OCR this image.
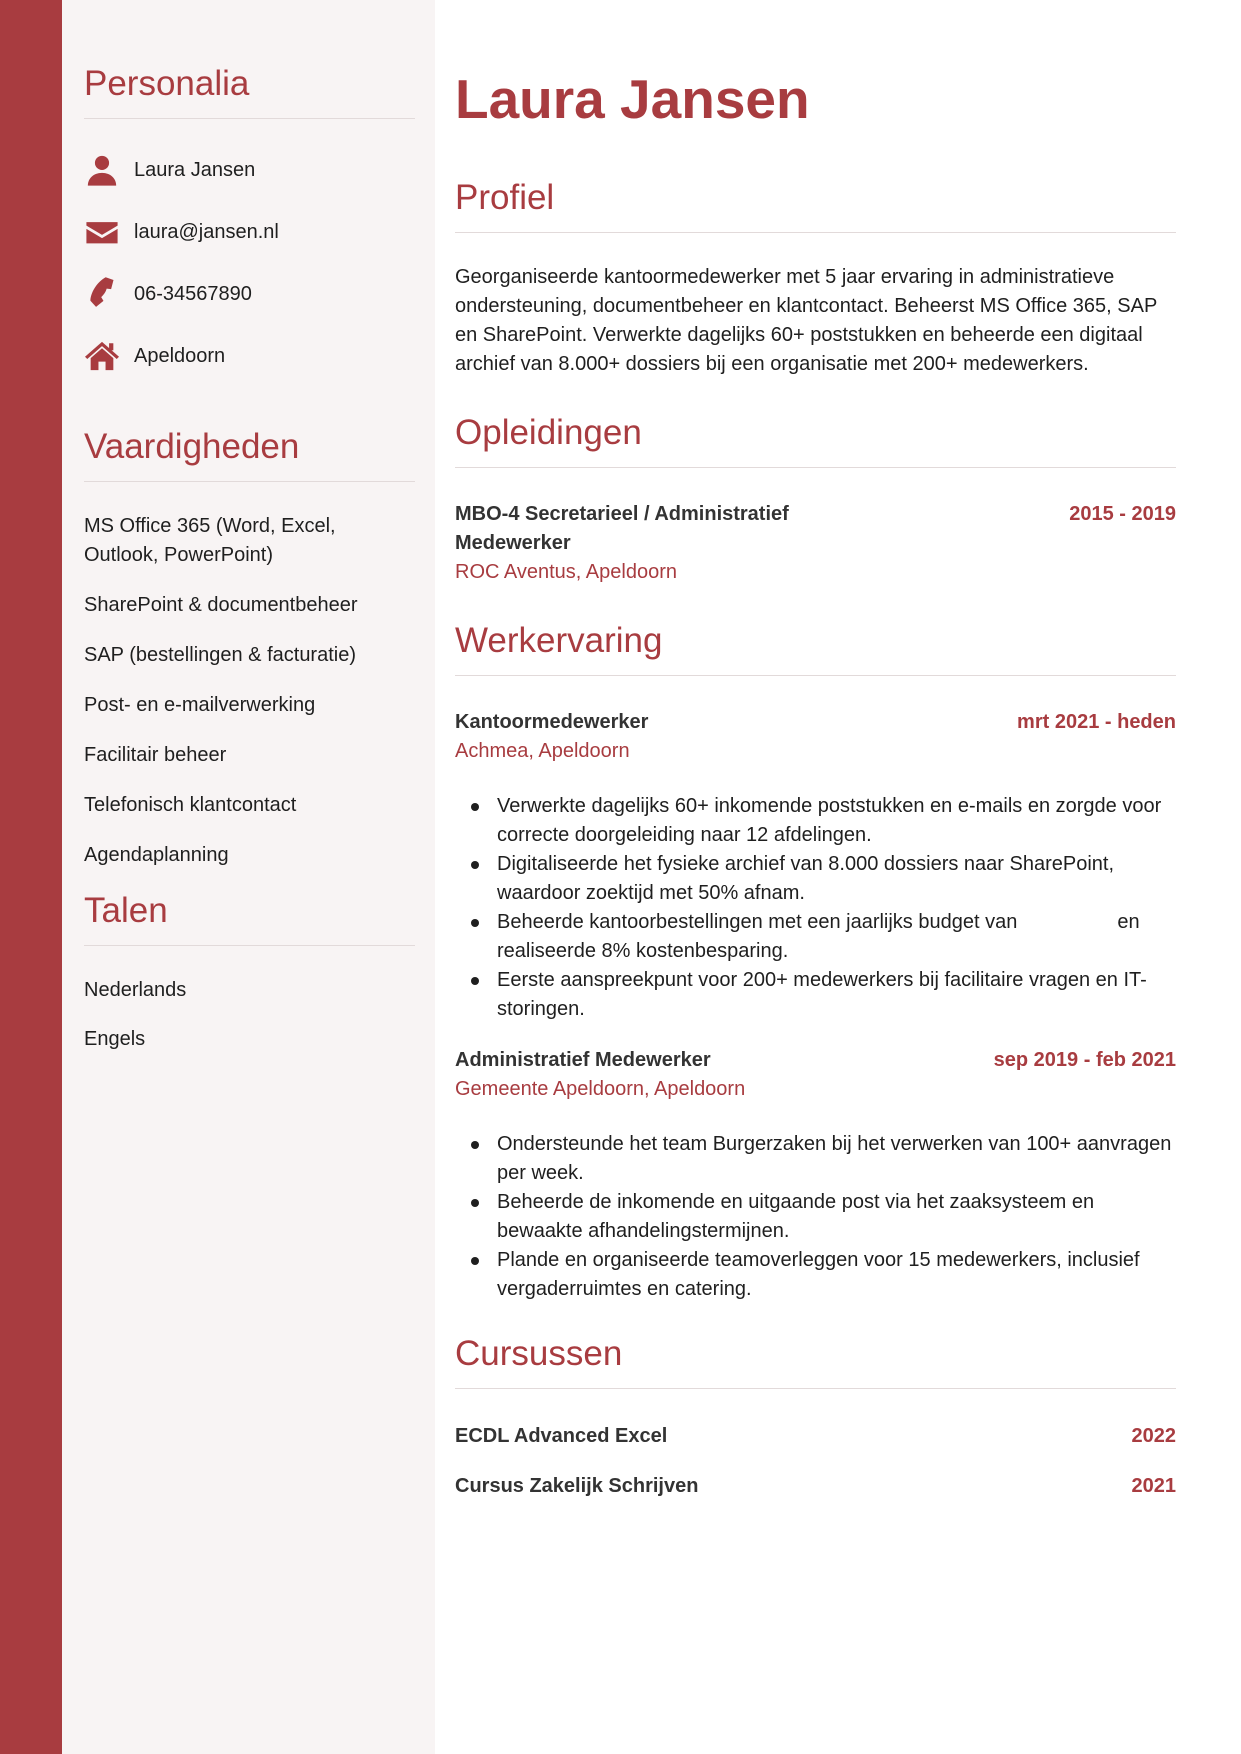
Personalia
Laura Jansen
laura@jansen.nl
06-34567890
Apeldoorn
Vaardigheden
MS Office 365 (Word, Excel, Outlook, PowerPoint)
SharePoint & documentbeheer
SAP (bestellingen & facturatie)
Post- en e-mailverwerking
Facilitair beheer
Telefonisch klantcontact
Agendaplanning
Talen
Nederlands
Engels
Laura Jansen
Profiel

Georganiseerde kantoormedewerker met 5 jaar ervaring in administratieve ondersteuning, documentbeheer en klantcontact. Beheerst MS Office 365, SAP en SharePoint. Verwerkte dagelijks 60+ poststukken en beheerde een digitaal archief van 8.000+ dossiers bij een organisatie met 200+ medewerkers.

Opleidingen
MBO-4 Secretarieel / Administratief Medewerker
2015 - 2019
ROC Aventus, Apeldoorn
Werkervaring
Kantoormedewerker	mrt 2021 - heden
Achmea, Apeldoorn
Verwerkte dagelijks 60+ inkomende poststukken en e-mails en zorgde voor correcte doorgeleiding naar 12 afdelingen.
Digitaliseerde het fysieke archief van 8.000 dossiers naar SharePoint, waardoor zoektijd met 50% afnam.
Beheerde kantoorbestellingen met een jaarlijks budget van                  en realiseerde 8% kostenbesparing.
Eerste aanspreekpunt voor 200+ medewerkers bij facilitaire vragen en IT-storingen.
Administratief Medewerker	sep 2019 - feb 2021
Gemeente Apeldoorn, Apeldoorn
Ondersteunde het team Burgerzaken bij het verwerken van 100+ aanvragen per week.
Beheerde de inkomende en uitgaande post via het zaaksysteem en bewaakte afhandelingstermijnen.
Plande en organiseerde teamoverleggen voor 15 medewerkers, inclusief vergaderruimtes en catering.
Cursussen
ECDL Advanced Excel	2022
Cursus Zakelijk Schrijven	2021
